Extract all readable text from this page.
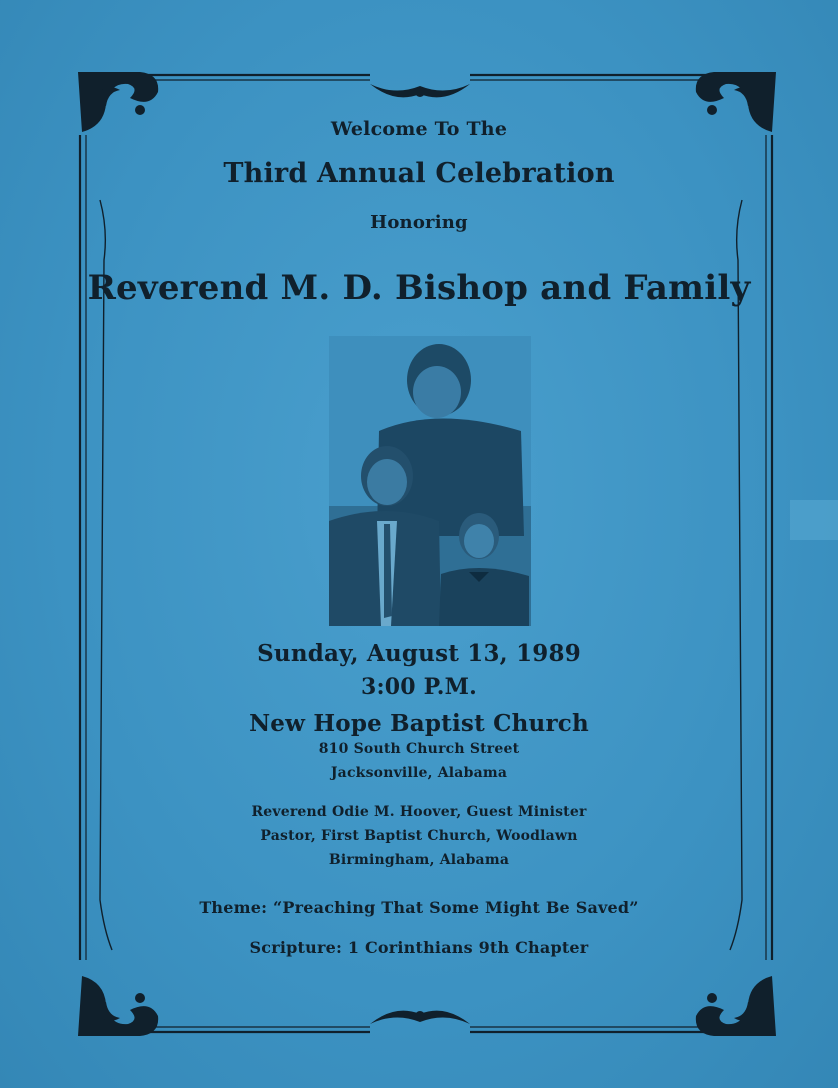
Welcome To The
Third Annual Celebration
Honoring
Reverend M. D. Bishop and Family
Sunday, August 13, 1989
3:00 P.M.
New Hope Baptist Church
810 South Church Street
Jacksonville, Alabama
Reverend Odie M. Hoover, Guest Minister
Pastor, First Baptist Church, Woodlawn
Birmingham, Alabama
Theme: “Preaching That Some Might Be Saved”
Scripture: 1 Corinthians 9th Chapter
